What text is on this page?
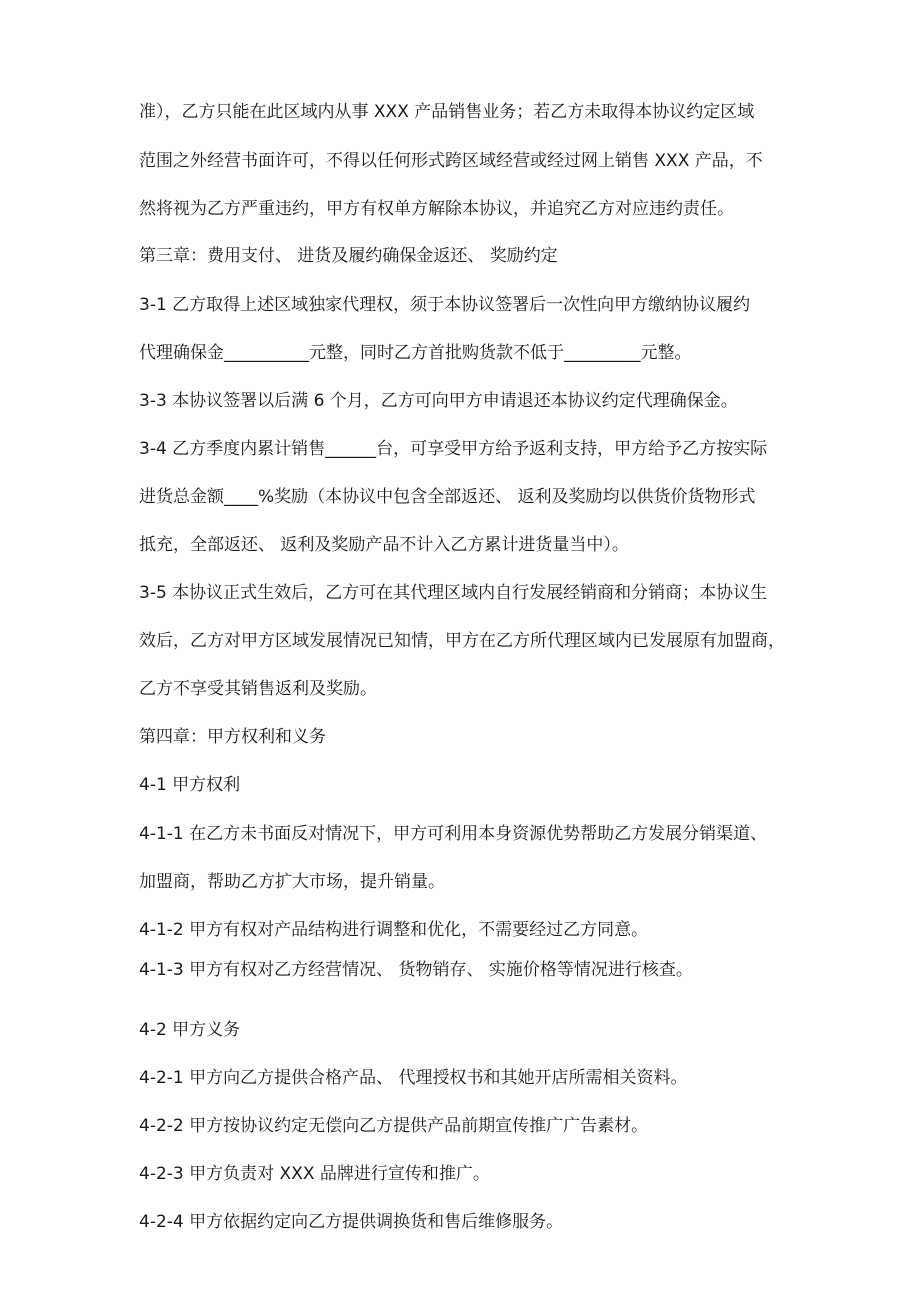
准），乙方只能在此区域内从事 XXX 产品销售业务；若乙方未取得本协议约定区域
范围之外经营书面许可，不得以任何形式跨区域经营或经过网上销售 XXX 产品，不
然将视为乙方严重违约，甲方有权单方解除本协议，并追究乙方对应违约责任。
第三章：费用支付、 进货及履约确保金返还、 奖励约定
3-1 乙方取得上述区域独家代理权，须于本协议签署后一次性向甲方缴纳协议履约
代理确保金__________元整，同时乙方首批购货款不低于_________元整。
3-3 本协议签署以后满 6 个月，乙方可向甲方申请退还本协议约定代理确保金。
3-4 乙方季度内累计销售______台，可享受甲方给予返利支持，甲方给予乙方按实际
进货总金额____%奖励（本协议中包含全部返还、 返利及奖励均以供货价货物形式
抵充，全部返还、 返利及奖励产品不计入乙方累计进货量当中）。
3-5 本协议正式生效后，乙方可在其代理区域内自行发展经销商和分销商；本协议生
效后，乙方对甲方区域发展情况已知情，甲方在乙方所代理区域内已发展原有加盟商，
乙方不享受其销售返利及奖励。
第四章：甲方权利和义务
4-1 甲方权利
4-1-1 在乙方未书面反对情况下，甲方可利用本身资源优势帮助乙方发展分销渠道、
加盟商，帮助乙方扩大市场，提升销量。
4-1-2 甲方有权对产品结构进行调整和优化，不需要经过乙方同意。
4-1-3 甲方有权对乙方经营情况、 货物销存、 实施价格等情况进行核查。
4-2 甲方义务
4-2-1 甲方向乙方提供合格产品、 代理授权书和其她开店所需相关资料。
4-2-2 甲方按协议约定无偿向乙方提供产品前期宣传推广广告素材。
4-2-3 甲方负责对 XXX 品牌进行宣传和推广。
4-2-4 甲方依据约定向乙方提供调换货和售后维修服务。
